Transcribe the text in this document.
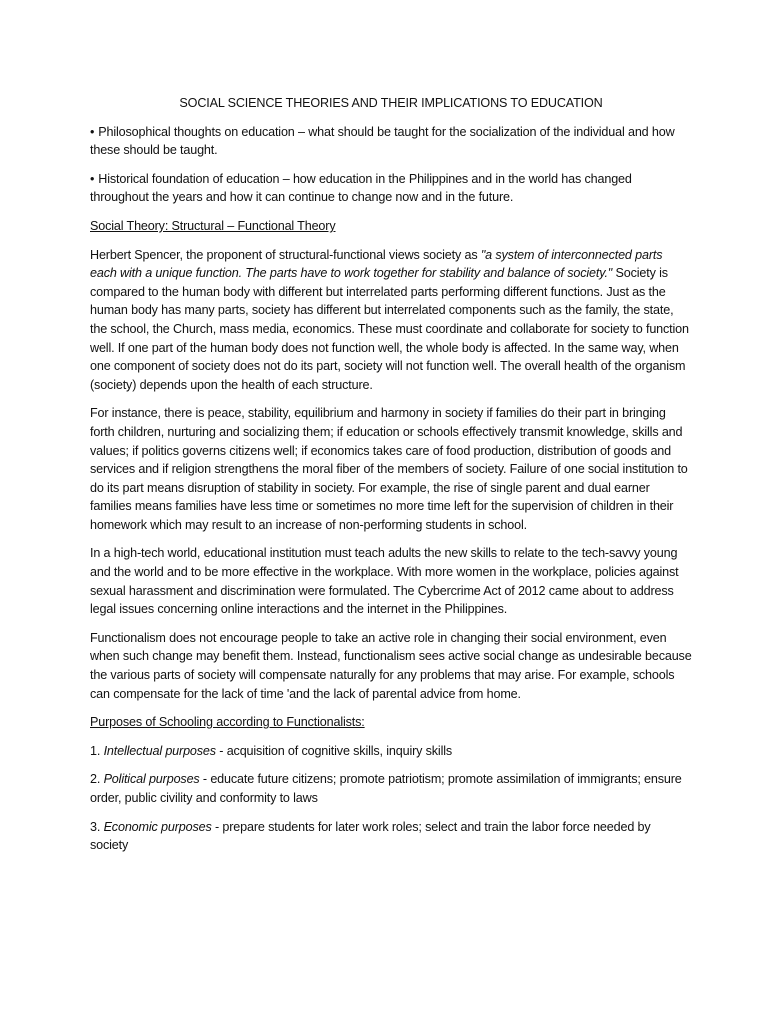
SOCIAL SCIENCE THEORIES AND THEIR IMPLICATIONS TO EDUCATION

• Philosophical thoughts on education – what should be taught for the socialization of the individual and how these should be taught.

• Historical foundation of education – how education in the Philippines and in the world has changed throughout the years and how it can continue to change now and in the future.

Social Theory: Structural – Functional Theory

Herbert Spencer, the proponent of structural-functional views society as "a system of interconnected parts each with a unique function. The parts have to work together for stability and balance of society." Society is compared to the human body with different but interrelated parts performing different functions. Just as the human body has many parts, society has different but interrelated components such as the family, the state, the school, the Church, mass media, economics. These must coordinate and collaborate for society to function well. If one part of the human body does not function well, the whole body is affected. In the same way, when one component of society does not do its part, society will not function well. The overall health of the organism (society) depends upon the health of each structure.

For instance, there is peace, stability, equilibrium and harmony in society if families do their part in bringing forth children, nurturing and socializing them; if education or schools effectively transmit knowledge, skills and values; if politics governs citizens well; if economics takes care of food production, distribution of goods and services and if religion strengthens the moral fiber of the members of society. Failure of one social institution to do its part means disruption of stability in society. For example, the rise of single parent and dual earner families means families have less time or sometimes no more time left for the supervision of children in their homework which may result to an increase of non-performing students in school.

In a high-tech world, educational institution must teach adults the new skills to relate to the tech-savvy young and the world and to be more effective in the workplace. With more women in the workplace, policies against sexual harassment and discrimination were formulated. The Cybercrime Act of 2012 came about to address legal issues concerning online interactions and the internet in the Philippines.

Functionalism does not encourage people to take an active role in changing their social environment, even when such change may benefit them. Instead, functionalism sees active social change as undesirable because the various parts of society will compensate naturally for any problems that may arise. For example, schools can compensate for the lack of time 'and the lack of parental advice from home.

Purposes of Schooling according to Functionalists:

1. Intellectual purposes - acquisition of cognitive skills, inquiry skills

2. Political purposes - educate future citizens; promote patriotism; promote assimilation of immigrants; ensure order, public civility and conformity to laws

3. Economic purposes - prepare students for later work roles; select and train the labor force needed by society
